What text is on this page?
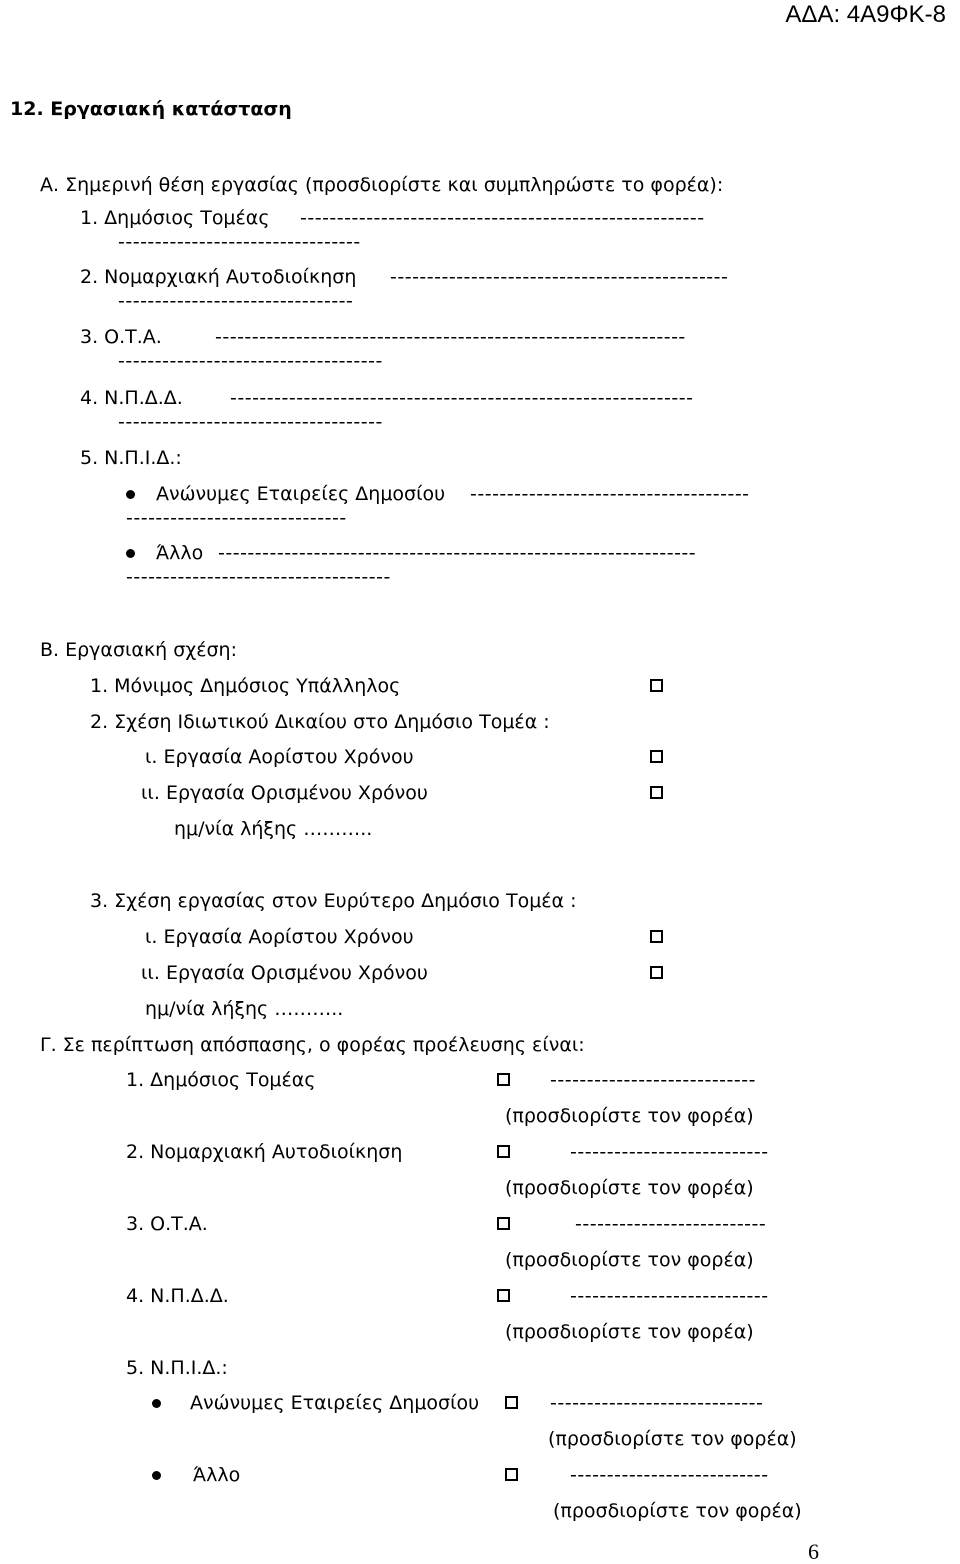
ΑΔΑ: 4Α9ΦΚ-8
12. Εργασιακή κατάσταση
Α. Σημερινή θέση εργασίας (προσδιορίστε και συμπληρώστε το φορέα):
1. Δημόσιος Τομέας -------------------------------------------------------
---------------------------------
2. Νομαρχιακή Αυτοδιοίκηση ----------------------------------------------
--------------------------------
3. Ο.Τ.Α.	----------------------------------------------------------------
------------------------------------
4. Ν.Π.Δ.Δ. ---------------------------------------------------------------
------------------------------------
5. Ν.Π.Ι.Δ.:
Ανώνυμες Εταιρείες Δημοσίου --------------------------------------
------------------------------
Άλλο -----------------------------------------------------------------
------------------------------------
Β. Εργασιακή σχέση:
1. Μόνιμος Δημόσιος Υπάλληλος
2. Σχέση Ιδιωτικού Δικαίου στο Δημόσιο Τομέα :
ι. Εργασία Αορίστου Χρόνου
ιι. Εργασία Ορισμένου Χρόνου
ημ/νία λήξης ………..
3. Σχέση εργασίας στον Ευρύτερο Δημόσιο Τομέα :
ι. Εργασία Αορίστου Χρόνου
ιι. Εργασία Ορισμένου Χρόνου
ημ/νία λήξης ………..
Γ. Σε περίπτωση απόσπασης, ο φορέας προέλευσης είναι:
1. Δημόσιος Τομέας	----------------------------
(προσδιορίστε τον φορέα)
2. Νομαρχιακή Αυτοδιοίκηση	---------------------------
(προσδιορίστε τον φορέα)
3. Ο.Τ.Α.	--------------------------
(προσδιορίστε τον φορέα)
4. Ν.Π.Δ.Δ.	---------------------------
(προσδιορίστε τον φορέα)
5. Ν.Π.Ι.Δ.:
Ανώνυμες Εταιρείες Δημοσίου	-----------------------------
(προσδιορίστε τον φορέα)
Άλλο	---------------------------
(προσδιορίστε τον φορέα)
6
